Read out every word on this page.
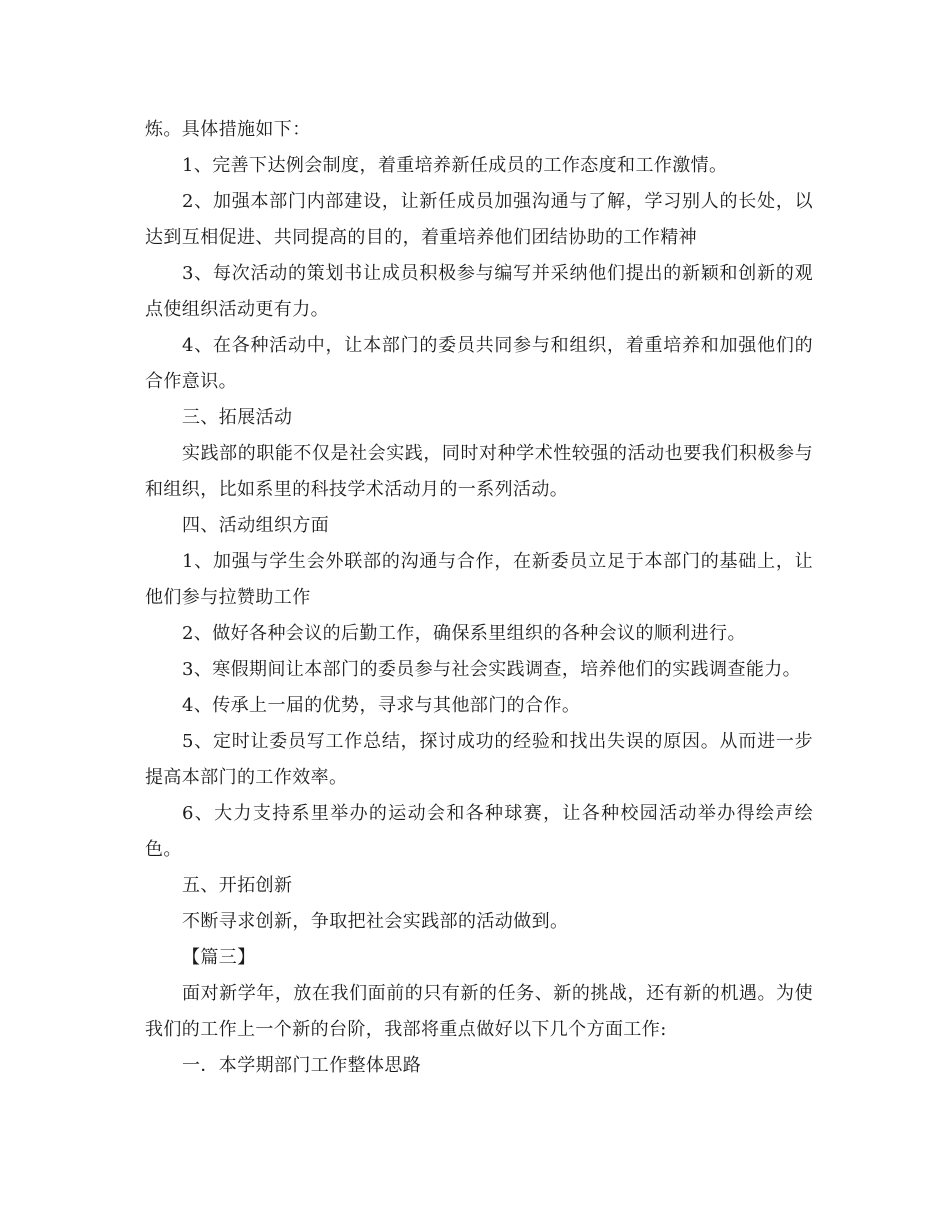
炼。具体措施如下：

1、完善下达例会制度，着重培养新任成员的工作态度和工作激情。

2、加强本部门内部建设，让新任成员加强沟通与了解，学习别人的长处，以达到互相促进、共同提高的目的，着重培养他们团结协助的工作精神

3、每次活动的策划书让成员积极参与编写并采纳他们提出的新颖和创新的观点使组织活动更有力。

4、在各种活动中，让本部门的委员共同参与和组织，着重培养和加强他们的合作意识。

三、拓展活动

实践部的职能不仅是社会实践，同时对种学术性较强的活动也要我们积极参与和组织，比如系里的科技学术活动月的一系列活动。

四、活动组织方面

1、加强与学生会外联部的沟通与合作，在新委员立足于本部门的基础上，让他们参与拉赞助工作

2、做好各种会议的后勤工作，确保系里组织的各种会议的顺利进行。

3、寒假期间让本部门的委员参与社会实践调查，培养他们的实践调查能力。

4、传承上一届的优势，寻求与其他部门的合作。

5、定时让委员写工作总结，探讨成功的经验和找出失误的原因。从而进一步提高本部门的工作效率。

6、大力支持系里举办的运动会和各种球赛，让各种校园活动举办得绘声绘色。

五、开拓创新

不断寻求创新，争取把社会实践部的活动做到。

【篇三】

面对新学年，放在我们面前的只有新的任务、新的挑战，还有新的机遇。为使我们的工作上一个新的台阶，我部将重点做好以下几个方面工作:

一．本学期部门工作整体思路
